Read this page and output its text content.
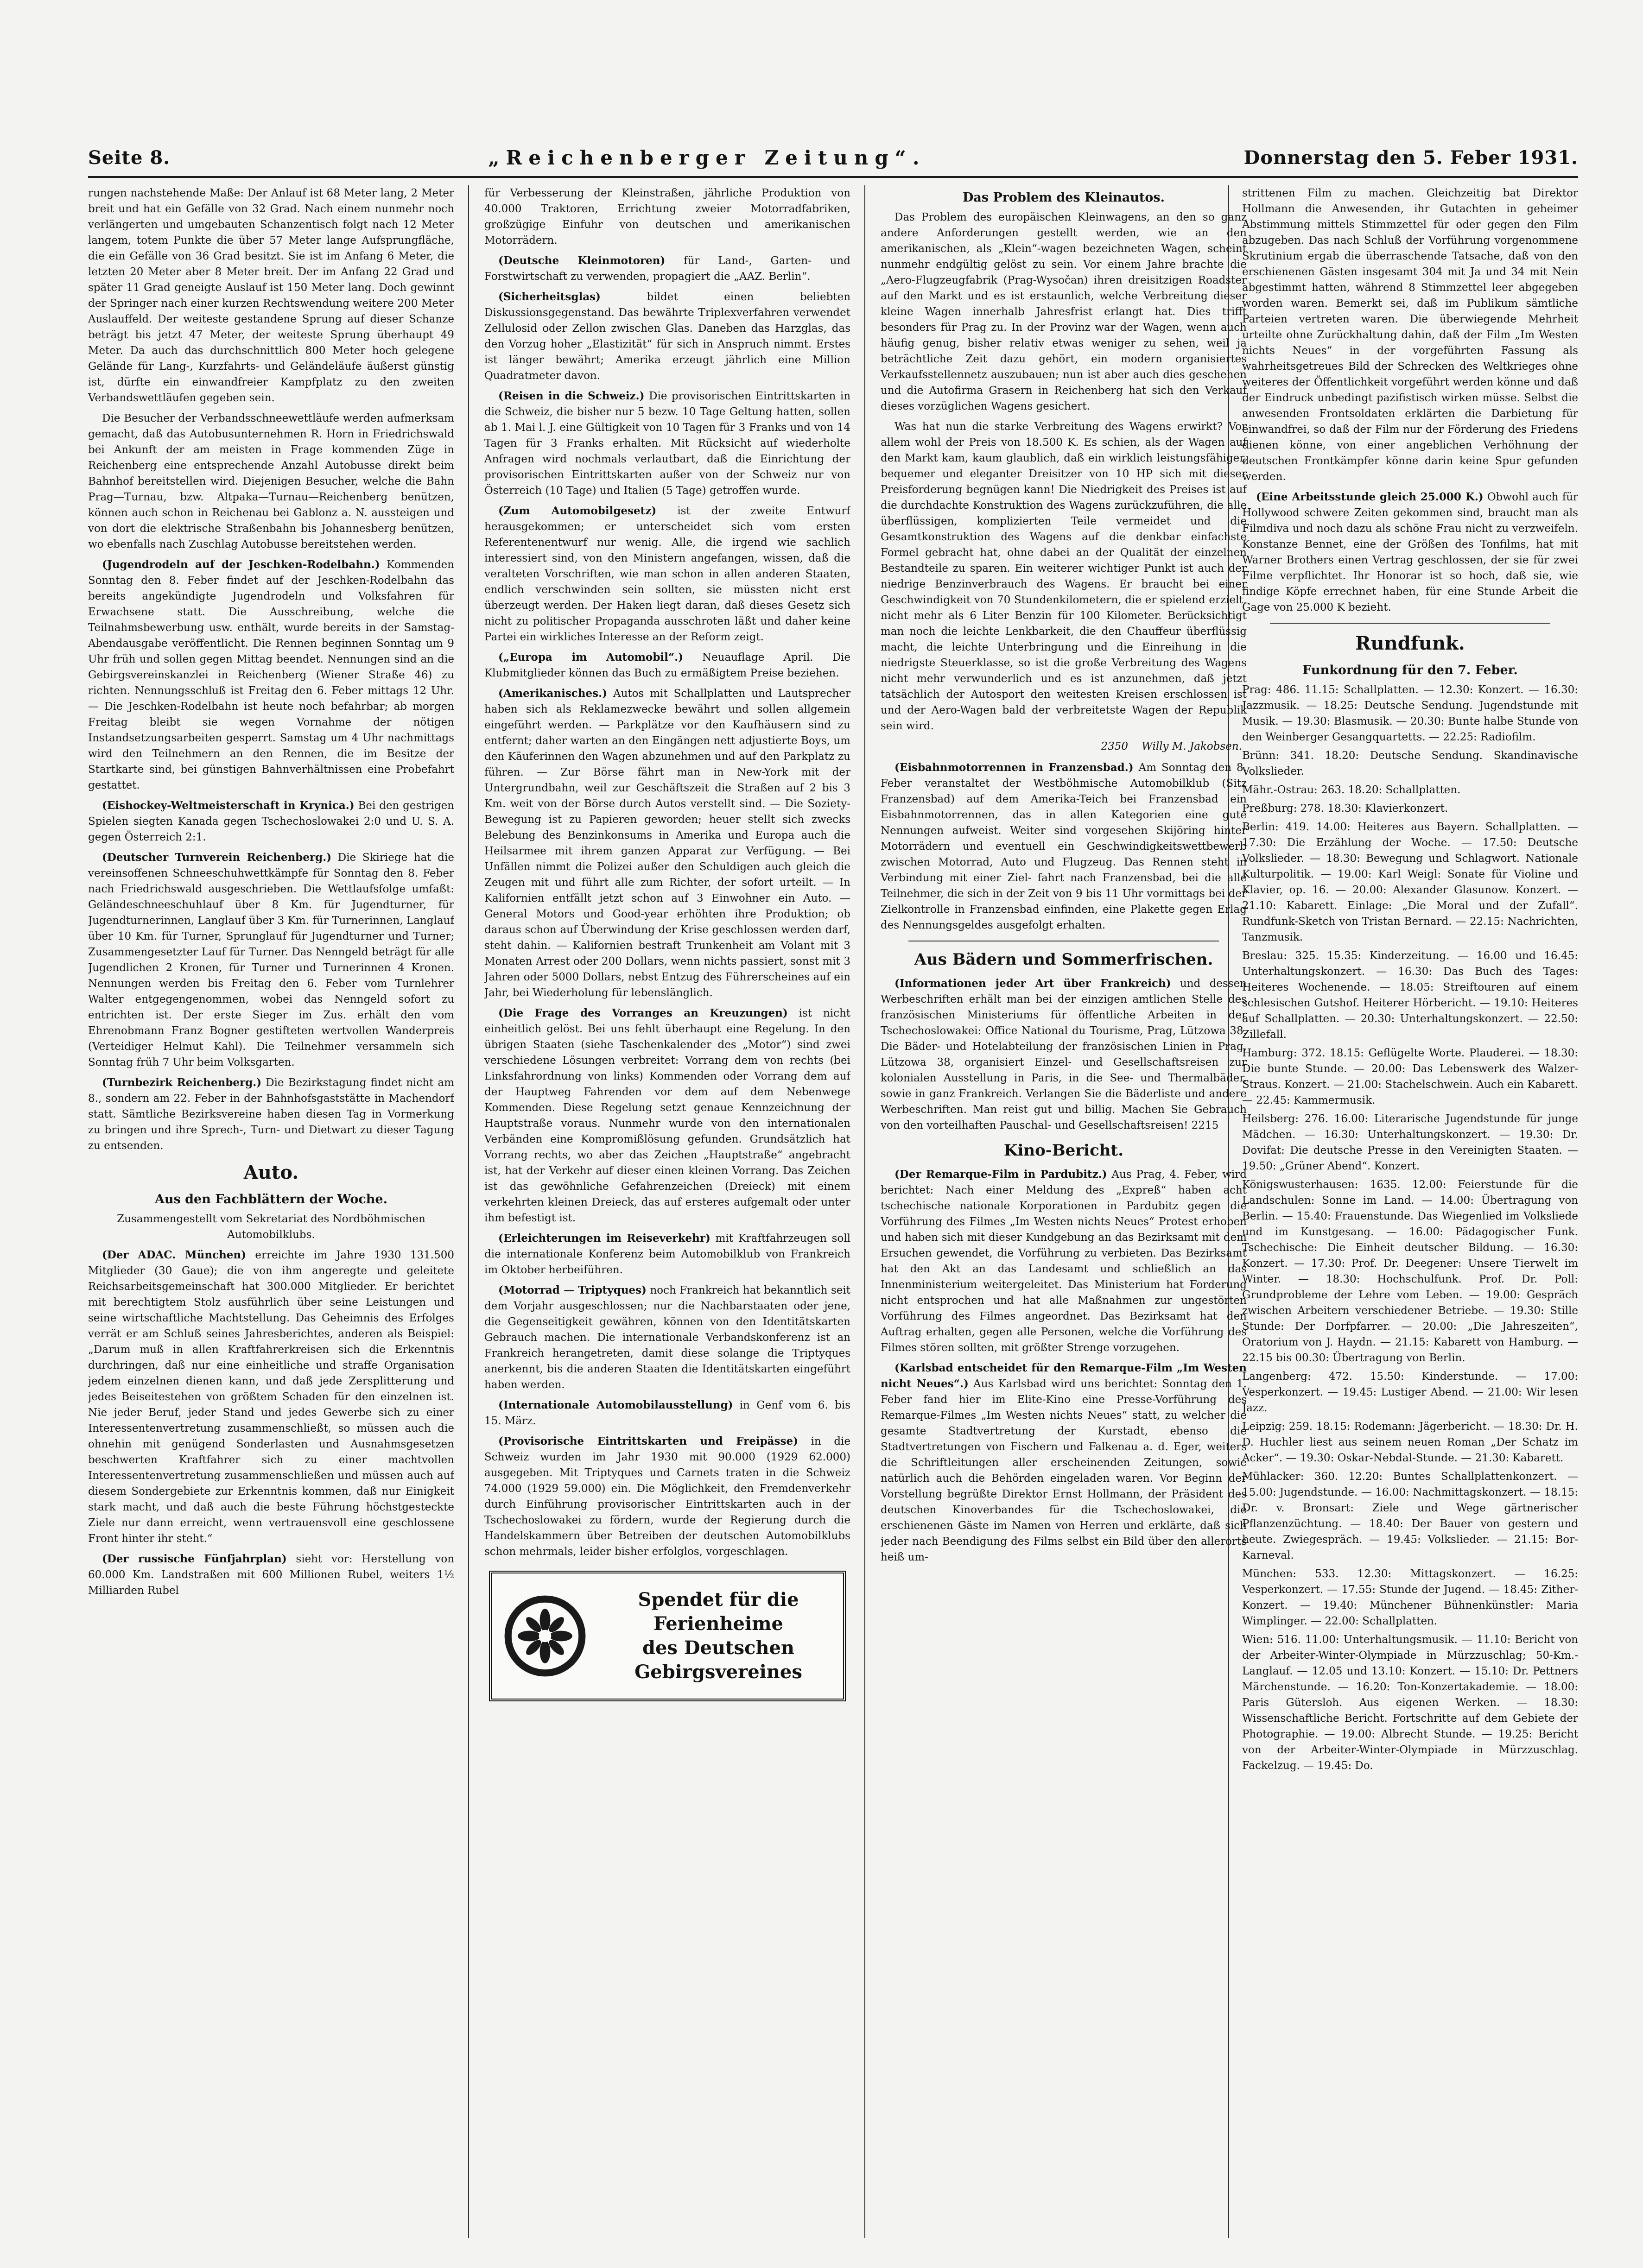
Seite 8.	„Reichenberger Zeitung“.	Donnerstag den 5. Feber 1931.

rungen nachstehende Maße: Der Anlauf ist 68 Meter lang, 2 Meter breit und hat ein Gefälle von 32 Grad. Nach einem nunmehr noch verlängerten und umgebauten Schanzentisch folgt nach 12 Meter langem, totem Punkte die über 57 Meter lange Aufsprungfläche, die ein Gefälle von 36 Grad besitzt. Sie ist im Anfang 6 Meter, die letzten 20 Meter aber 8 Meter breit. Der im Anfang 22 Grad und später 11 Grad geneigte Auslauf ist 150 Meter lang. Doch gewinnt der Springer nach einer kurzen Rechtswendung weitere 200 Meter Auslauffeld. Der weiteste gestandene Sprung auf dieser Schanze beträgt bis jetzt 47 Meter, der weiteste Sprung überhaupt 49 Meter. Da auch das durchschnittlich 800 Meter hoch gelegene Gelände für Lang-, Kurzfahrts- und Geländeläufe äußerst günstig ist, dürfte ein einwandfreier Kampfplatz zu den zweiten Verbandswettläufen gegeben sein.

Die Besucher der Verbandsschneewettläufe werden aufmerksam gemacht, daß das Autobusunternehmen R. Horn in Friedrichswald bei Ankunft der am meisten in Frage kommenden Züge in Reichenberg eine entsprechende Anzahl Autobusse direkt beim Bahnhof bereitstellen wird. Diejenigen Besucher, welche die Bahn Prag—Turnau, bzw. Altpaka—Turnau—Reichenberg benützen, können auch schon in Reichenau bei Gablonz a. N. aussteigen und von dort die elektrische Straßenbahn bis Johannesberg benützen, wo ebenfalls nach Zuschlag Autobusse bereitstehen werden.

(Jugendrodeln auf der Jeschken-Rodelbahn.) Kommenden Sonntag den 8. Feber findet auf der Jeschken-Rodelbahn das bereits angekündigte Jugendrodeln und Volksfahren für Erwachsene statt. Die Ausschreibung, welche die Teilnahmsbewerbung usw. enthält, wurde bereits in der Samstag-Abendausgabe veröffentlicht. Die Rennen beginnen Sonntag um 9 Uhr früh und sollen gegen Mittag beendet. Nennungen sind an die Gebirgsvereinskanzlei in Reichenberg (Wiener Straße 46) zu richten. Nennungsschluß ist Freitag den 6. Feber mittags 12 Uhr. — Die Jeschken-Rodelbahn ist heute noch befahrbar; ab morgen Freitag bleibt sie wegen Vornahme der nötigen Instandsetzungsarbeiten gesperrt. Samstag um 4 Uhr nachmittags wird den Teilnehmern an den Rennen, die im Besitze der Startkarte sind, bei günstigen Bahnverhältnissen eine Probefahrt gestattet.

(Eishockey-Weltmeisterschaft in Krynica.) Bei den gestrigen Spielen siegten Kanada gegen Tschechoslowakei 2:0 und U. S. A. gegen Österreich 2:1.

(Deutscher Turnverein Reichenberg.) Die Skiriege hat die vereinsoffenen Schneeschuhwettkämpfe für Sonntag den 8. Feber nach Friedrichswald ausgeschrieben. Die Wettlaufsfolge umfaßt: Geländeschneeschuhlauf über 8 Km. für Jugendturner, für Jugendturnerinnen, Langlauf über 3 Km. für Turnerinnen, Langlauf über 10 Km. für Turner, Sprunglauf für Jugendturner und Turner; Zusammengesetzter Lauf für Turner. Das Nenngeld beträgt für alle Jugendlichen 2 Kronen, für Turner und Turnerinnen 4 Kronen. Nennungen werden bis Freitag den 6. Feber vom Turnlehrer Walter entgegengenommen, wobei das Nenngeld sofort zu entrichten ist. Der erste Sieger im Zus. erhält den vom Ehrenobmann Franz Bogner gestifteten wertvollen Wanderpreis (Verteidiger Helmut Kahl). Die Teilnehmer versammeln sich Sonntag früh 7 Uhr beim Volksgarten.

(Turnbezirk Reichenberg.) Die Bezirkstagung findet nicht am 8., sondern am 22. Feber in der Bahnhofsgaststätte in Machendorf statt. Sämtliche Bezirksvereine haben diesen Tag in Vormerkung zu bringen und ihre Sprech-, Turn- und Dietwart zu dieser Tagung zu entsenden.

Auto.
Aus den Fachblättern der Woche.
Zusammengestellt vom Sekretariat des Nordböhmischen Automobilklubs.

(Der ADAC. München) erreichte im Jahre 1930 131.500 Mitglieder (30 Gaue); die von ihm angeregte und geleitete Reichsarbeitsgemeinschaft hat 300.000 Mitglieder. Er berichtet mit berechtigtem Stolz ausführlich über seine Leistungen und seine wirtschaftliche Machtstellung. Das Geheimnis des Erfolges verrät er am Schluß seines Jahresberichtes, anderen als Beispiel: „Darum muß in allen Kraftfahrerkreisen sich die Erkenntnis durchringen, daß nur eine einheitliche und straffe Organisation jedem einzelnen dienen kann, und daß jede Zersplitterung und jedes Beiseitestehen von größtem Schaden für den einzelnen ist. Nie jeder Beruf, jeder Stand und jedes Gewerbe sich zu einer Interessentenvertretung zusammenschließt, so müssen auch die ohnehin mit genügend Sonderlasten und Ausnahmsgesetzen beschwerten Kraftfahrer sich zu einer machtvollen Interessentenvertretung zusammenschließen und müssen auch auf diesem Sondergebiete zur Erkenntnis kommen, daß nur Einigkeit stark macht, und daß auch die beste Führung höchstgesteckte Ziele nur dann erreicht, wenn vertrauensvoll eine geschlossene Front hinter ihr steht.“

(Der russische Fünfjahrplan) sieht vor: Herstellung von 60.000 Km. Landstraßen mit 600 Millionen Rubel, weiters 1½ Milliarden Rubel

für Verbesserung der Kleinstraßen, jährliche Produktion von 40.000 Traktoren, Errichtung zweier Motorradfabriken, großzügige Einfuhr von deutschen und amerikanischen Motorrädern.

(Deutsche Kleinmotoren) für Land-, Garten- und Forstwirtschaft zu verwenden, propagiert die „AAZ. Berlin“.

(Sicherheitsglas)	bildet einen beliebten Diskussionsgegenstand. Das bewährte Triplexverfahren verwendet Zellulosid oder Zellon zwischen Glas. Daneben das Harzglas, das den Vorzug hoher „Elastizität“ für sich in Anspruch nimmt. Erstes ist länger bewährt; Amerika erzeugt jährlich eine Million Quadratmeter davon.

(Reisen in die Schweiz.) Die provisorischen Eintrittskarten in die Schweiz, die bisher nur 5 bezw. 10 Tage Geltung hatten, sollen ab 1. Mai l. J. eine Gültigkeit von 10 Tagen für 3 Franks und von 14 Tagen für 3 Franks erhalten. Mit Rücksicht auf wiederholte Anfragen wird nochmals verlautbart, daß die Einrichtung der provisorischen Eintrittskarten außer von der Schweiz nur von Österreich (10 Tage) und Italien (5 Tage) getroffen wurde.

(Zum Automobilgesetz) ist der zweite Entwurf herausgekommen; er unterscheidet sich vom ersten Referentenentwurf nur wenig. Alle, die irgend wie sachlich interessiert sind, von den Ministern angefangen, wissen, daß die veralteten Vorschriften, wie man schon in allen anderen Staaten, endlich verschwinden sein sollten, sie müssten nicht erst überzeugt werden. Der Haken liegt daran, daß dieses Gesetz sich nicht zu politischer Propaganda ausschroten läßt und daher keine Partei ein wirkliches Interesse an der Reform zeigt.

(„Europa im Automobil“.) Neuauflage April. Die Klubmitglieder können das Buch zu ermäßigtem Preise beziehen.

(Amerikanisches.) Autos mit Schallplatten und Lautsprecher haben sich als Reklamezwecke bewährt und sollen allgemein eingeführt werden. — Parkplätze vor den Kaufhäusern sind zu entfernt; daher warten an den Eingängen nett adjustierte Boys, um den Käuferinnen den Wagen abzunehmen und auf den Parkplatz zu führen. — Zur Börse fährt man in New-York mit der Untergrundbahn, weil zur Geschäftszeit die Straßen auf 2 bis 3 Km. weit von der Börse durch Autos verstellt sind. — Die Soziety-Bewegung ist zu Papieren geworden; heuer stellt sich zwecks Belebung des Benzinkonsums in Amerika und Europa auch die Heilsarmee mit ihrem ganzen Apparat zur Verfügung. — Bei Unfällen nimmt die Polizei außer den Schuldigen auch gleich die Zeugen mit und führt alle zum Richter, der sofort urteilt. — In Kalifornien entfällt jetzt schon auf 3 Einwohner ein Auto. — General Motors und Good-year erhöhten ihre Produktion; ob daraus schon auf Überwindung der Krise geschlossen werden darf, steht dahin. — Kalifornien bestraft Trunkenheit am Volant mit 3 Monaten Arrest oder 200 Dollars, wenn nichts passiert, sonst mit 3 Jahren oder 5000 Dollars, nebst Entzug des Führerscheines auf ein Jahr, bei Wiederholung für lebenslänglich.

(Die Frage des Vorranges an Kreuzungen) ist nicht einheitlich gelöst. Bei uns fehlt überhaupt eine Regelung. In den übrigen Staaten (siehe Taschenkalender des „Motor“) sind zwei verschiedene Lösungen verbreitet: Vorrang dem von rechts (bei Linksfahrordnung von links) Kommenden oder Vorrang dem auf der Hauptweg Fahrenden vor dem auf dem Nebenwege Kommenden. Diese Regelung setzt genaue Kennzeichnung der Hauptstraße voraus. Nunmehr wurde von den internationalen Verbänden eine Kompromißlösung gefunden. Grundsätzlich hat Vorrang rechts, wo aber das Zeichen „Hauptstraße“ angebracht ist, hat der Verkehr auf dieser einen kleinen Vorrang. Das Zeichen ist das gewöhnliche Gefahrenzeichen (Dreieck) mit einem verkehrten kleinen Dreieck, das auf ersteres aufgemalt oder unter ihm befestigt ist.

(Erleichterungen im Reiseverkehr) mit Kraftfahrzeugen soll die internationale Konferenz beim Automobilklub von Frankreich im Oktober herbeiführen.

(Motorrad — Triptyques) noch Frankreich hat bekanntlich seit dem Vorjahr ausgeschlossen; nur die Nachbarstaaten oder jene, die Gegenseitigkeit gewähren, können von den Identitätskarten Gebrauch machen. Die internationale Verbandskonferenz ist an Frankreich herangetreten, damit diese solange die Triptyques anerkennt, bis die anderen Staaten die Identitätskarten eingeführt haben werden.

(Internationale Automobilausstellung) in Genf vom 6. bis 15. März.

(Provisorische Eintrittskarten und Freipässe) in die Schweiz wurden im Jahr 1930 mit 90.000 (1929 62.000) ausgegeben. Mit Triptyques und Carnets traten in die Schweiz 74.000 (1929 59.000) ein. Die Möglichkeit, den Fremdenverkehr durch Einführung provisorischer Eintrittskarten auch in der Tschechoslowakei zu fördern, wurde der Regierung durch die Handelskammern über Betreiben der deutschen Automobilklubs schon mehrmals, leider bisher erfolglos, vorgeschlagen.

Spendet für die
Ferienheime
des Deutschen
Gebirgsvereines
Das Problem des Kleinautos.

Das Problem des europäischen Kleinwagens, an den so ganz andere Anforderungen gestellt werden, wie an den amerikanischen, als „Klein“-wagen bezeichneten Wagen, scheint nunmehr endgültig gelöst zu sein. Vor einem Jahre brachte die „Aero-Flugzeugfabrik (Prag-Wysočan) ihren dreisitzigen Roadster auf den Markt und es ist erstaunlich, welche Verbreitung dieser kleine Wagen innerhalb Jahresfrist erlangt hat. Dies trifft besonders für Prag zu. In der Provinz war der Wagen, wenn auch häufig genug, bisher relativ etwas weniger zu sehen, weil ja beträchtliche Zeit dazu gehört, ein modern organisiertes Verkaufsstellennetz auszubauen; nun ist aber auch dies geschehen und die Autofirma Grasern in Reichenberg hat sich den Verkauf dieses vorzüglichen Wagens gesichert.

Was hat nun die starke Verbreitung des Wagens erwirkt? Vor allem wohl der Preis von 18.500 K. Es schien, als der Wagen auf den Markt kam, kaum glaublich, daß ein wirklich leistungsfähiger, bequemer und eleganter Dreisitzer von 10 HP sich mit dieser Preisforderung begnügen kann! Die Niedrigkeit des Preises ist auf die durchdachte Konstruktion des Wagens zurückzuführen, die alle überflüssigen, komplizierten Teile vermeidet und die Gesamtkonstruktion des Wagens auf die denkbar einfachste Formel gebracht hat, ohne dabei an der Qualität der einzelnen Bestandteile zu sparen. Ein weiterer wichtiger Punkt ist auch der niedrige Benzinverbrauch des Wagens. Er braucht bei einer Geschwindigkeit von 70 Stundenkilometern, die er spielend erzielt, nicht mehr als 6 Liter Benzin für 100 Kilometer. Berücksichtigt man noch die leichte Lenkbarkeit, die den Chauffeur überflüssig macht, die leichte Unterbringung und die Einreihung in die niedrigste Steuerklasse, so ist die große Verbreitung des Wagens nicht mehr verwunderlich und es ist anzunehmen, daß jetzt tatsächlich der Autosport den weitesten Kreisen erschlossen ist und der Aero-Wagen bald der verbreitetste Wagen der Republik sein wird.

2350 Willy M. Jakobsen.

(Eisbahnmotorrennen in Franzensbad.) Am Sonntag den 8. Feber veranstaltet der Westböhmische Automobilklub (Sitz Franzensbad) auf dem Amerika-Teich bei Franzensbad ein Eisbahnmotorrennen, das in allen Kategorien eine gute Nennungen aufweist. Weiter sind vorgesehen Skijöring hinter Motorrädern und eventuell ein Geschwindigkeitswettbewerb zwischen Motorrad, Auto und Flugzeug. Das Rennen steht in Verbindung mit einer Ziel- fahrt nach Franzensbad, bei die alle Teilnehmer, die sich in der Zeit von 9 bis 11 Uhr vormittags bei der Zielkontrolle in Franzensbad einfinden, eine Plakette gegen Erlag des Nennungsgeldes ausgefolgt erhalten.

Aus Bädern und Sommerfrischen.

(Informationen jeder Art über Frankreich) und dessen Werbeschriften erhält man bei der einzigen amtlichen Stelle des französischen Ministeriums für öffentliche Arbeiten in der Tschechoslowakei: Office National du Tourisme, Prag, Lützowa 38. Die Bäder- und Hotelabteilung der französischen Linien in Prag, Lützowa 38, organisiert Einzel- und Gesellschaftsreisen zur kolonialen Ausstellung in Paris, in die See- und Thermalbäder, sowie in ganz Frankreich. Verlangen Sie die Bäderliste und andere Werbeschriften. Man reist gut und billig. Machen Sie Gebrauch von den vorteilhaften Pauschal- und Gesellschaftsreisen! 2215

Kino-Bericht.

(Der Remarque-Film in Pardubitz.) Aus Prag, 4. Feber, wird berichtet: Nach einer Meldung des „Expreß“ haben acht tschechische nationale Korporationen in Pardubitz gegen die Vorführung des Filmes „Im Westen nichts Neues“ Protest erhoben und haben sich mit dieser Kundgebung an das Bezirksamt mit dem Ersuchen gewendet, die Vorführung zu verbieten. Das Bezirksamt hat den Akt an das Landesamt und schließlich an das Innenministerium weitergeleitet. Das Ministerium hat Forderung nicht entsprochen und hat alle Maßnahmen zur ungestörten Vorführung des Filmes angeordnet. Das Bezirksamt hat den Auftrag erhalten, gegen alle Personen, welche die Vorführung des Filmes stören sollten, mit größter Strenge vorzugehen.

(Karlsbad entscheidet für den Remarque-Film „Im Westen nicht Neues“.) Aus Karlsbad wird uns berichtet: Sonntag den 1. Feber fand hier im Elite-Kino eine Presse-Vorführung des Remarque-Filmes „Im Westen nichts Neues“ statt, zu welcher die gesamte Stadtvertretung der Kurstadt, ebenso die Stadtvertretungen von Fischern und Falkenau a. d. Eger, weiters die Schriftleitungen aller erscheinenden Zeitungen, sowie natürlich auch die Behörden eingeladen waren. Vor Beginn der Vorstellung begrüßte Direktor Ernst Hollmann, der Präsident des deutschen Kinoverbandes für die Tschechoslowakei, die erschienenen Gäste im Namen von Herren und erklärte, daß sich jeder nach Beendigung des Films selbst ein Bild über den allerorts heiß um-

strittenen Film zu machen. Gleichzeitig bat Direktor Hollmann die Anwesenden, ihr Gutachten in geheimer Abstimmung mittels Stimmzettel für oder gegen den Film abzugeben. Das nach Schluß der Vorführung vorgenommene Skrutinium ergab die überraschende Tatsache, daß von den erschienenen Gästen insgesamt 304 mit Ja und 34 mit Nein abgestimmt hatten, während 8 Stimmzettel leer abgegeben worden waren. Bemerkt sei, daß im Publikum sämtliche Parteien vertreten waren. Die überwiegende Mehrheit urteilte ohne Zurückhaltung dahin, daß der Film „Im Westen nichts Neues“ in der vorgeführten Fassung als wahrheitsgetreues Bild der Schrecken des Weltkrieges ohne weiteres der Öffentlichkeit vorgeführt werden könne und daß der Eindruck unbedingt pazifistisch wirken müsse. Selbst die anwesenden Frontsoldaten erklärten die Darbietung für einwandfrei, so daß der Film nur der Förderung des Friedens dienen könne, von einer angeblichen Verhöhnung der deutschen Frontkämpfer könne darin keine Spur gefunden werden.

(Eine Arbeitsstunde gleich 25.000 K.) Obwohl auch für Hollywood schwere Zeiten gekommen sind, braucht man als Filmdiva und noch dazu als schöne Frau nicht zu verzweifeln. Konstanze Bennet, eine der Größen des Tonfilms, hat mit Warner Brothers einen Vertrag geschlossen, der sie für zwei Filme verpflichtet. Ihr Honorar ist so hoch, daß sie, wie findige Köpfe errechnet haben, für eine Stunde Arbeit die Gage von 25.000 K bezieht.

Rundfunk.
Funkordnung für den 7. Feber.

Prag: 486. 11.15: Schallplatten. — 12.30: Konzert. — 16.30: Jazzmusik. — 18.25: Deutsche Sendung. Jugendstunde mit Musik. — 19.30: Blasmusik. — 20.30: Bunte halbe Stunde von den Weinberger Gesangquartetts. — 22.25: Radiofilm.

Brünn: 341. 18.20: Deutsche Sendung. Skandinavische Volkslieder.

Mähr.-Ostrau: 263. 18.20: Schallplatten.

Preßburg: 278. 18.30: Klavierkonzert.

Berlin: 419. 14.00: Heiteres aus Bayern. Schallplatten. — 17.30: Die Erzählung der Woche. — 17.50: Deutsche Volkslieder. — 18.30: Bewegung und Schlagwort. Nationale Kulturpolitik. — 19.00: Karl Weigl: Sonate für Violine und Klavier, op. 16. — 20.00: Alexander Glasunow. Konzert. — 21.10: Kabarett. Einlage: „Die Moral und der Zufall“. Rundfunk-Sketch von Tristan Bernard. — 22.15: Nachrichten, Tanzmusik.

Breslau: 325. 15.35: Kinderzeitung. — 16.00 und 16.45: Unterhaltungskonzert. — 16.30: Das Buch des Tages: Heiteres Wochenende. — 18.05: Streiftouren auf einem schlesischen Gutshof. Heiterer Hörbericht. — 19.10: Heiteres auf Schallplatten. — 20.30: Unterhaltungskonzert. — 22.50: Zillefall.

Hamburg: 372. 18.15: Geflügelte Worte. Plauderei. — 18.30: Die bunte Stunde. — 20.00: Das Lebenswerk des Walzer-Straus. Konzert. — 21.00: Stachelschwein. Auch ein Kabarett. — 22.45: Kammermusik.

Heilsberg: 276. 16.00: Literarische Jugendstunde für junge Mädchen. — 16.30: Unterhaltungskonzert. — 19.30: Dr. Dovifat: Die deutsche Presse in den Vereinigten Staaten. — 19.50: „Grüner Abend“. Konzert.

Königswusterhausen: 1635. 12.00: Feierstunde für die Landschulen: Sonne im Land. — 14.00: Übertragung von Berlin. — 15.40: Frauenstunde. Das Wiegenlied im Volksliede und im Kunstgesang. — 16.00: Pädagogischer Funk. Tschechische: Die Einheit deutscher Bildung. — 16.30: Konzert. — 17.30: Prof. Dr. Deegener: Unsere Tierwelt im Winter. — 18.30: Hochschulfunk. Prof. Dr. Poll: Grundprobleme der Lehre vom Leben. — 19.00: Gespräch zwischen Arbeitern verschiedener Betriebe. — 19.30: Stille Stunde: Der Dorfpfarrer. — 20.00: „Die Jahreszeiten“, Oratorium von J. Haydn. — 21.15: Kabarett von Hamburg. — 22.15 bis 00.30: Übertragung von Berlin.

Langenberg: 472. 15.50: Kinderstunde. — 17.00: Vesperkonzert. — 19.45: Lustiger Abend. — 21.00: Wir lesen Jazz.

Leipzig: 259. 18.15: Rodemann: Jägerbericht. — 18.30: Dr. H. D. Huchler liest aus seinem neuen Roman „Der Schatz im Acker“. — 19.30: Oskar-Nebdal-Stunde. — 21.30: Kabarett.

Mühlacker: 360. 12.20: Buntes Schallplattenkonzert. — 15.00: Jugendstunde. — 16.00: Nachmittagskonzert. — 18.15: Dr. v. Bronsart: Ziele und Wege gärtnerischer Pflanzenzüchtung. — 18.40: Der Bauer von gestern und heute. Zwiegespräch. — 19.45: Volkslieder. — 21.15: Bor-Karneval.

München: 533. 12.30: Mittagskonzert. — 16.25: Vesperkonzert. — 17.55: Stunde der Jugend. — 18.45: Zither-Konzert. — 19.40: Münchener Bühnenkünstler: Maria Wimplinger. — 22.00: Schallplatten.

Wien: 516. 11.00: Unterhaltungsmusik. — 11.10: Bericht von der Arbeiter-Winter-Olympiade in Mürzzuschlag; 50-Km.-Langlauf. — 12.05 und 13.10: Konzert. — 15.10: Dr. Pettners Märchenstunde. — 16.20: Ton-Konzertakademie. — 18.00: Paris Gütersloh. Aus eigenen Werken. — 18.30: Wissenschaftliche Bericht. Fortschritte auf dem Gebiete der Photographie. — 19.00: Albrecht Stunde. — 19.25: Bericht von der Arbeiter-Winter-Olympiade in Mürzzuschlag. Fackelzug. — 19.45: Do.
